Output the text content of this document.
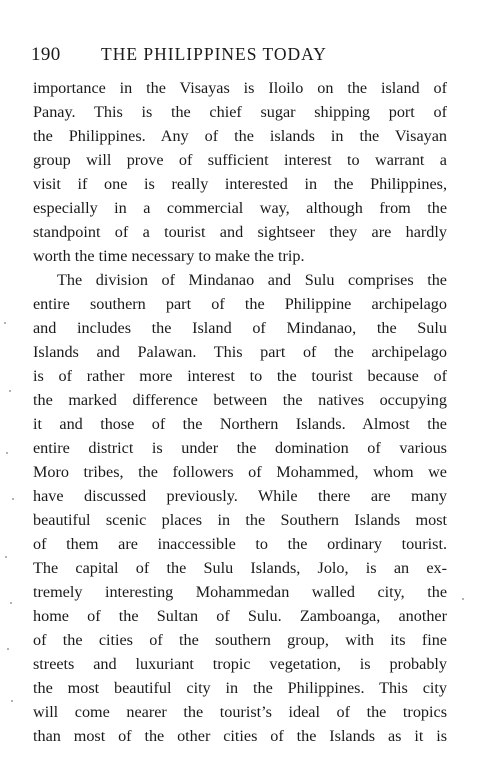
190 THE PHILIPPINES TODAY
importance in the Visayas is Iloilo on the island of
Panay. This is the chief sugar shipping port of
the Philippines. Any of the islands in the Visayan
group will prove of sufficient interest to warrant a
visit if one is really interested in the Philippines,
especially in a commercial way, although from the
standpoint of a tourist and sightseer they are hardly
worth the time necessary to make the trip.
The division of Mindanao and Sulu comprises the
entire southern part of the Philippine archipelago
and includes the Island of Mindanao, the Sulu
Islands and Palawan. This part of the archipelago
is of rather more interest to the tourist because of
the marked difference between the natives occupying
it and those of the Northern Islands. Almost the
entire district is under the domination of various
Moro tribes, the followers of Mohammed, whom we
have discussed previously. While there are many
beautiful scenic places in the Southern Islands most
of them are inaccessible to the ordinary tourist.
The capital of the Sulu Islands, Jolo, is an ex-
tremely interesting Mohammedan walled city, the
home of the Sultan of Sulu. Zamboanga, another
of the cities of the southern group, with its fine
streets and luxuriant tropic vegetation, is probably
the most beautiful city in the Philippines. This city
will come nearer the tourist’s ideal of the tropics
than most of the other cities of the Islands as it is
